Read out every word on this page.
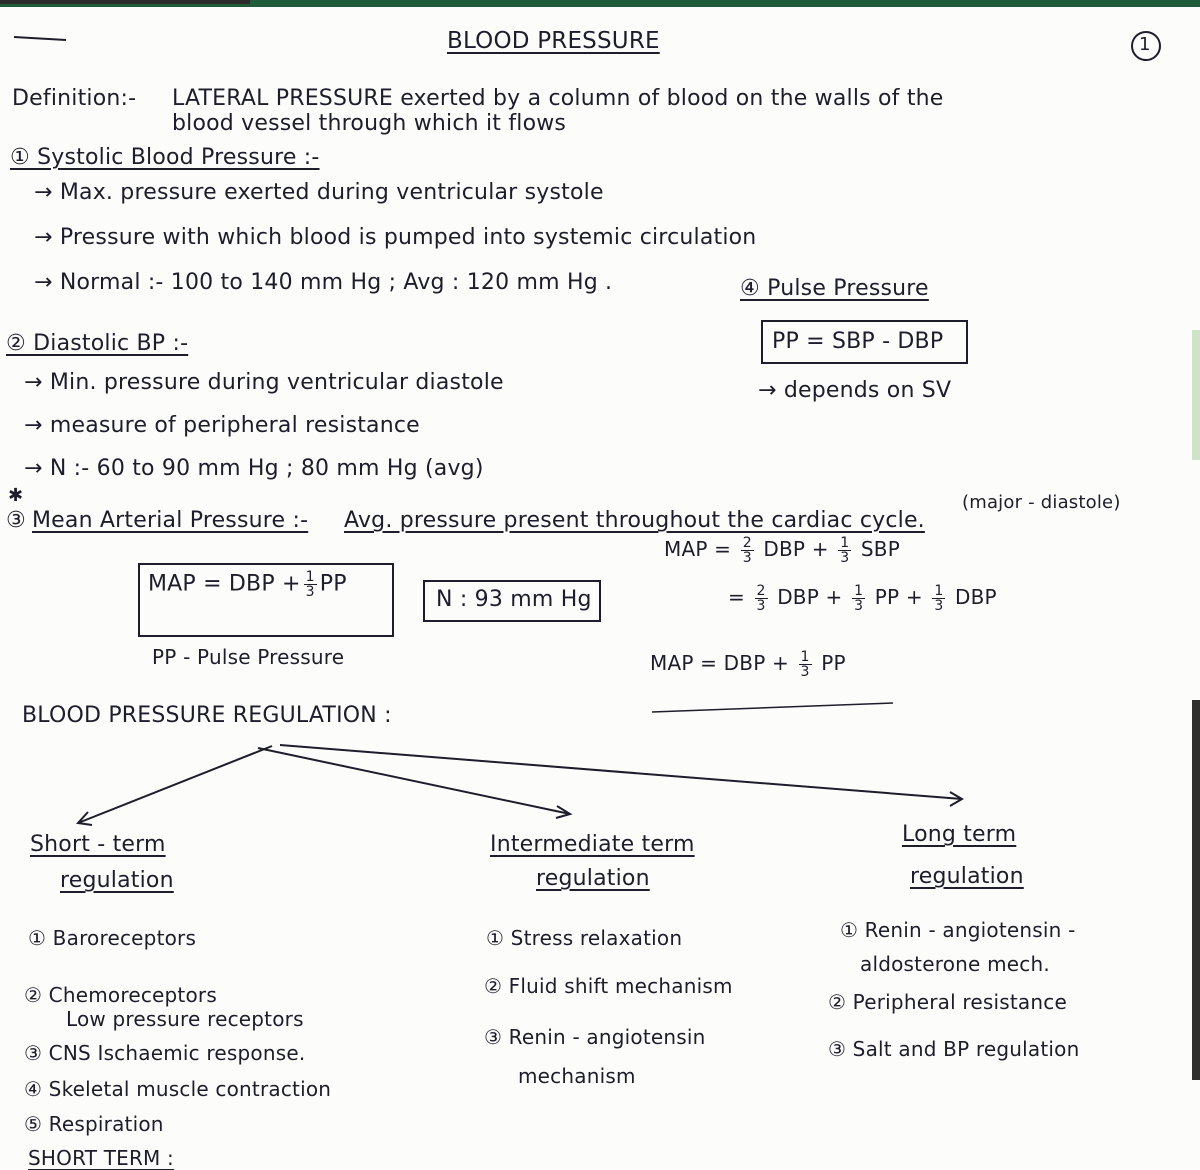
BLOOD PRESSURE	1
Definition:- LATERAL PRESSURE exerted by a column of blood on the walls of the
blood vessel through which it flows
① Systolic Blood Pressure :-
→ Max. pressure exerted during ventricular systole
→ Pressure with which blood is pumped into systemic circulation
→ Normal :- 100 to 140 mm Hg ; Avg : 120 mm Hg .	④ Pulse Pressure
PP = SBP - DBP
→ depends on SV
② Diastolic BP :-
→ Min. pressure during ventricular diastole
→ measure of peripheral resistance
→ N :- 60 to 90 mm Hg ; 80 mm Hg (avg)
✱
③ Mean Arterial Pressure :- Avg. pressure present throughout the cardiac cycle.
(major - diastole)
MAP = DBP + $\frac{1}{3}$ PP
N : 93 mm Hg
PP - Pulse Pressure
MAP = $\frac{2}{3}$ DBP + $\frac{1}{3}$ SBP
= $\frac{2}{3}$ DBP + $\frac{1}{3}$ PP + $\frac{1}{3}$ DBP
MAP = DBP + $\frac{1}{3}$ PP
BLOOD PRESSURE REGULATION :
Short - term
regulation
① Baroreceptors
② Chemoreceptors
Low pressure receptors
③ CNS Ischaemic response.
④ Skeletal muscle contraction
⑤ Respiration
SHORT TERM :
Intermediate term
regulation
① Stress relaxation
② Fluid shift mechanism
③ Renin - angiotensin
mechanism
Long term
regulation
① Renin - angiotensin -
aldosterone mech.
② Peripheral resistance
③ Salt and BP regulation
